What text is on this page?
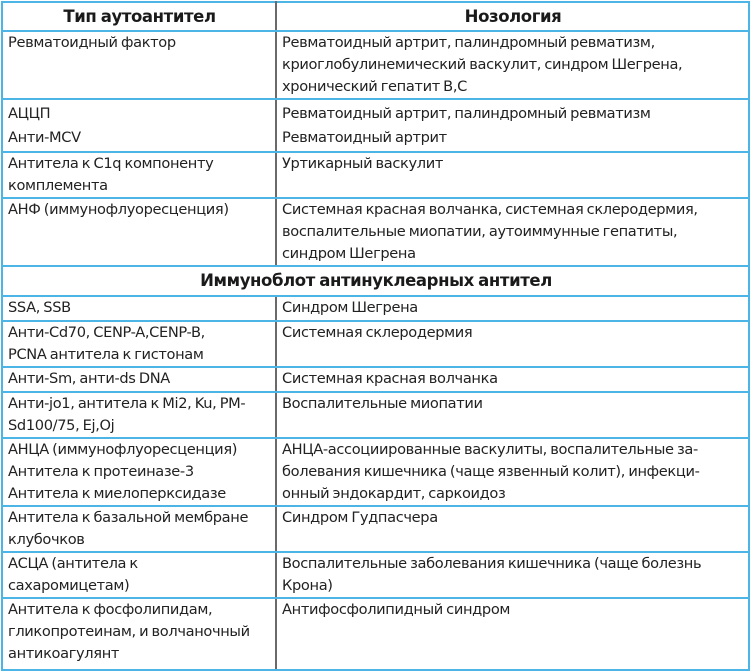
Тип аутоантител	Нозология

Ревматоидный фактор	Ревматоидный артрит, палиндромный ревматизм,
криоглобулинемический васкулит, синдром Шегрена,
хронический гепатит В,С

АЦЦП
Анти-MCV	Ревматоидный артрит, палиндромный ревматизм
Ревматоидный артрит

Антитела к C1q компоненту
комплемента	Уртикарный васкулит

АНФ (иммунофлуоресценция)	Системная красная волчанка, системная склеродермия,
воспалительные миопатии, аутоиммунные гепатиты,
синдром Шегрена

Иммуноблот антинуклеарных антител	

SSA, SSB	Синдром Шегрена

Анти-Cd70, CENP-A,CENP-B,
PCNA антитела к гистонам	Системная склеродермия

Анти-Sm, анти-ds DNA	Системная красная волчанка

Анти-jo1, антитела к Mi2, Ku, PM-
Sd100/75, Ej,Oj	Воспалительные миопатии

АНЦА (иммунофлуоресценция)
Антитела к протеиназе-3
Антитела к миелоперксидазе	АНЦА-ассоциированные васкулиты, воспалительные за-
болевания кишечника (чаще язвенный колит), инфекци-
онный эндокардит, саркоидоз

Антитела к базальной мембране
клубочков	Синдром Гудпасчера

АСЦА (антитела к
сахаромицетам)	Воспалительные заболевания кишечника (чаще болезнь
Крона)

Антитела к фосфолипидам,
гликопротеинам, и волчаночный
антикоагулянт	Антифосфолипидный синдром
